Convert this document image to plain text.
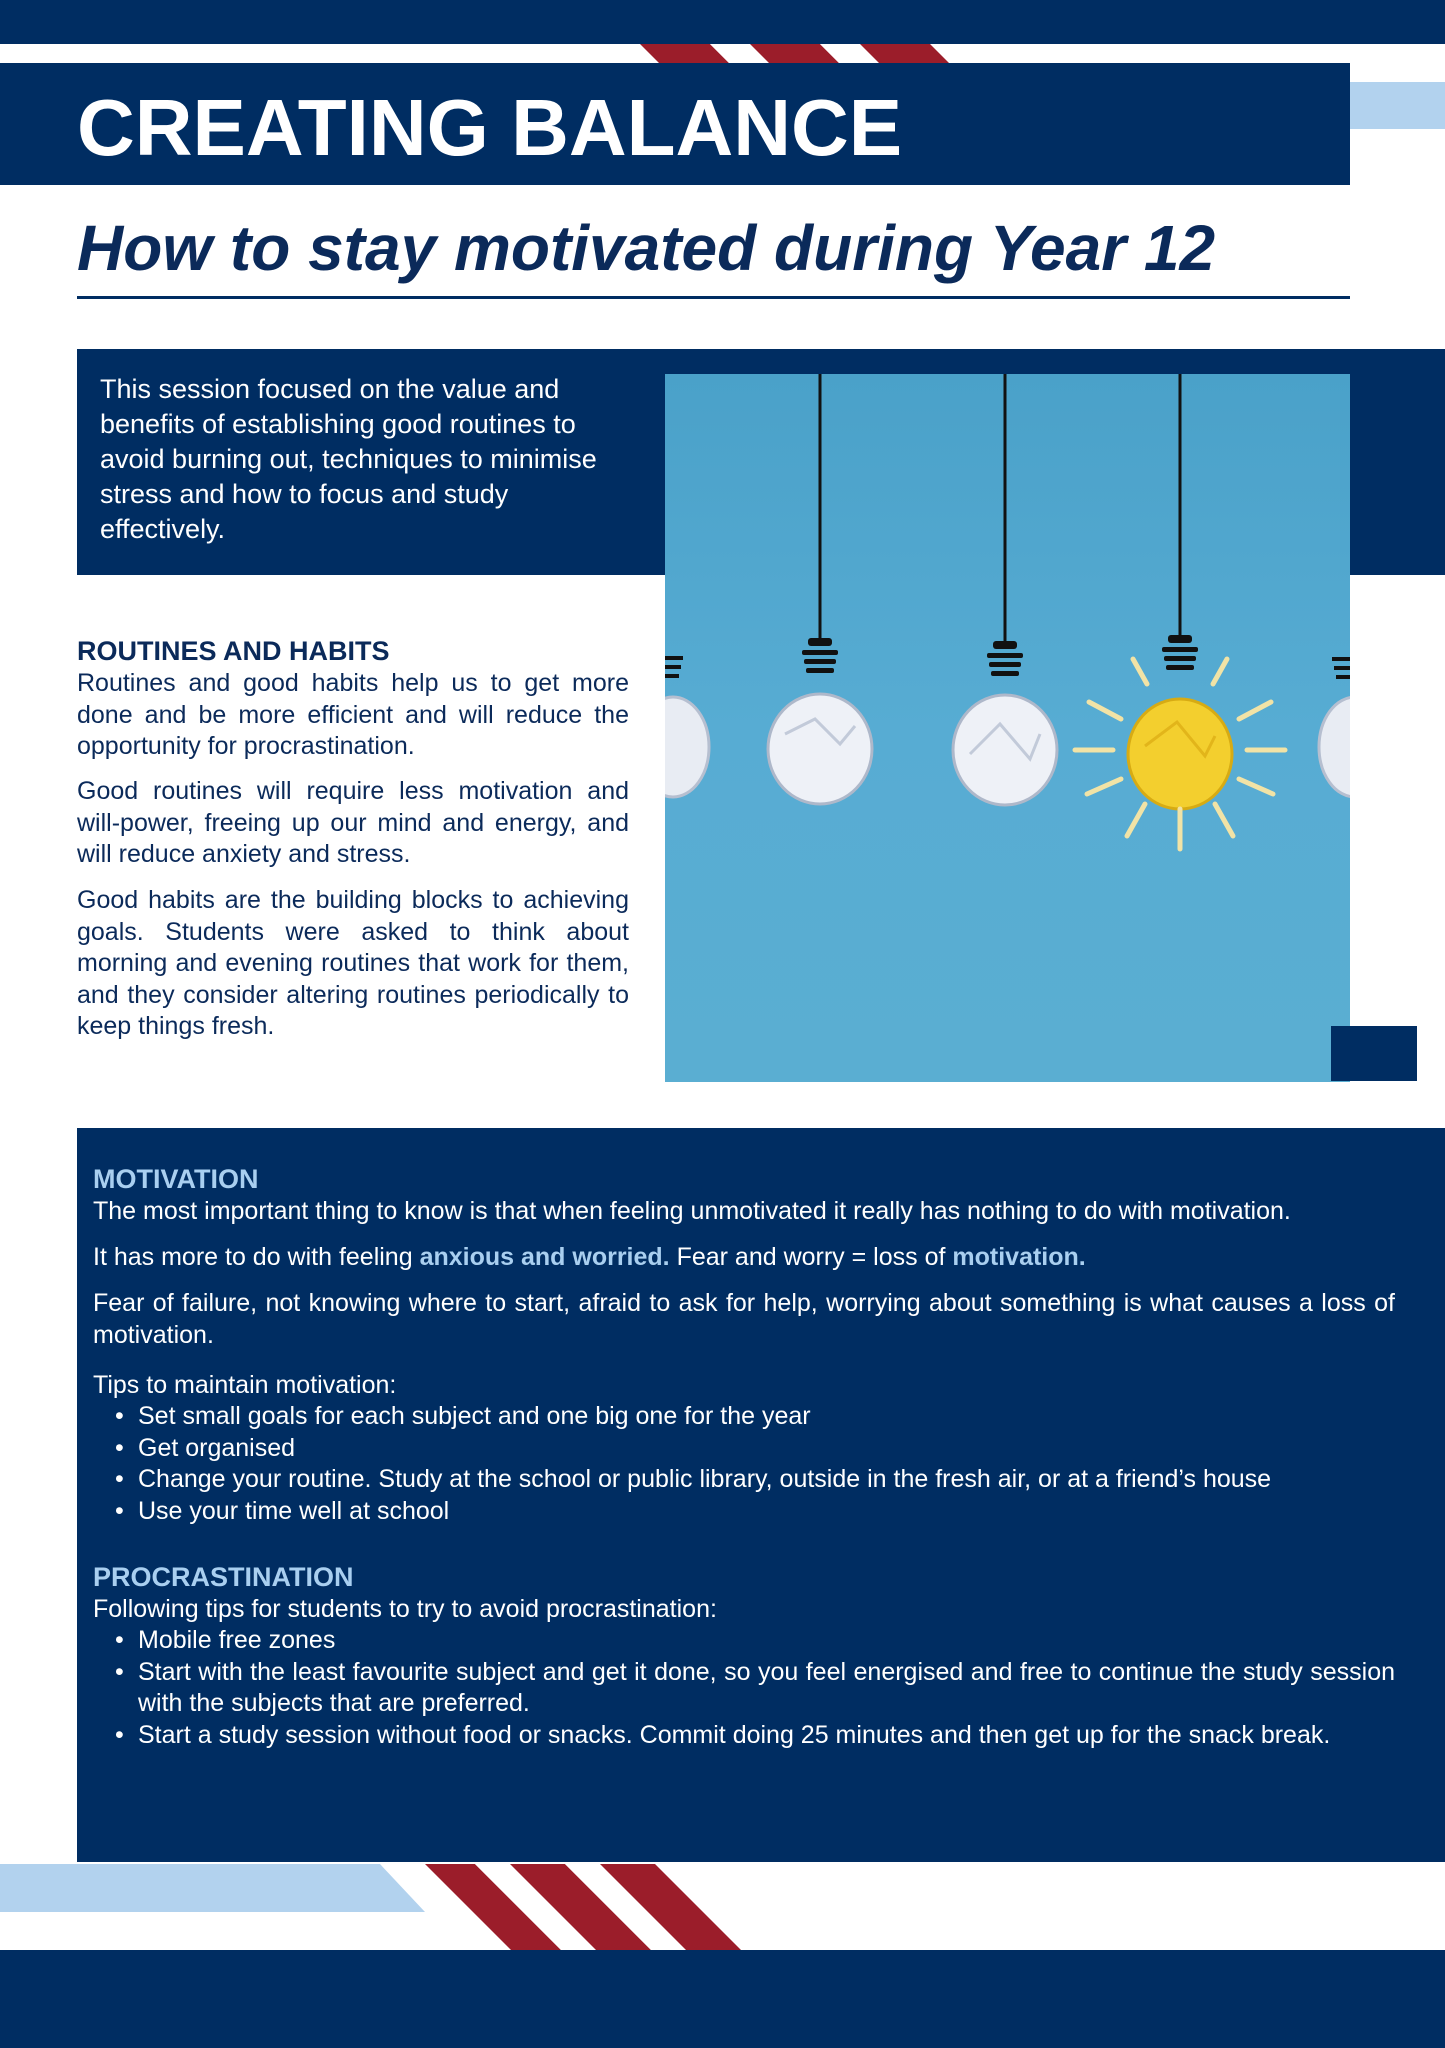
CREATING BALANCE
How to stay motivated during Year 12

This session focused on the value and benefits of establishing good routines to avoid burning out, techniques to minimise stress and how to focus and study effectively.

ROUTINES AND HABITS

Routines and good habits help us to get more done and be more efficient and will reduce the opportunity for procrastination.

Good routines will require less motivation and will-power, freeing up our mind and energy, and will reduce anxiety and stress.

Good habits are the building blocks to achieving goals. Students were asked to think about morning and evening routines that work for them, and they consider altering routines periodically to keep things fresh.

MOTIVATION

The most important thing to know is that when feeling unmotivated it really has nothing to do with motivation.

It has more to do with feeling anxious and worried. Fear and worry = loss of motivation.

Fear of failure, not knowing where to start, afraid to ask for help, worrying about something is what causes a loss of motivation.

Tips to maintain motivation:

• Set small goals for each subject and one big one for the year
• Get organised
• Change your routine. Study at the school or public library, outside in the fresh air, or at a friend’s house
• Use your time well at school
PROCRASTINATION

Following tips for students to try to avoid procrastination:

• Mobile free zones
• Start with the least favourite subject and get it done, so you feel energised and free to continue the study session with the subjects that are preferred.
• Start a study session without food or snacks. Commit doing 25 minutes and then get up for the snack break.
